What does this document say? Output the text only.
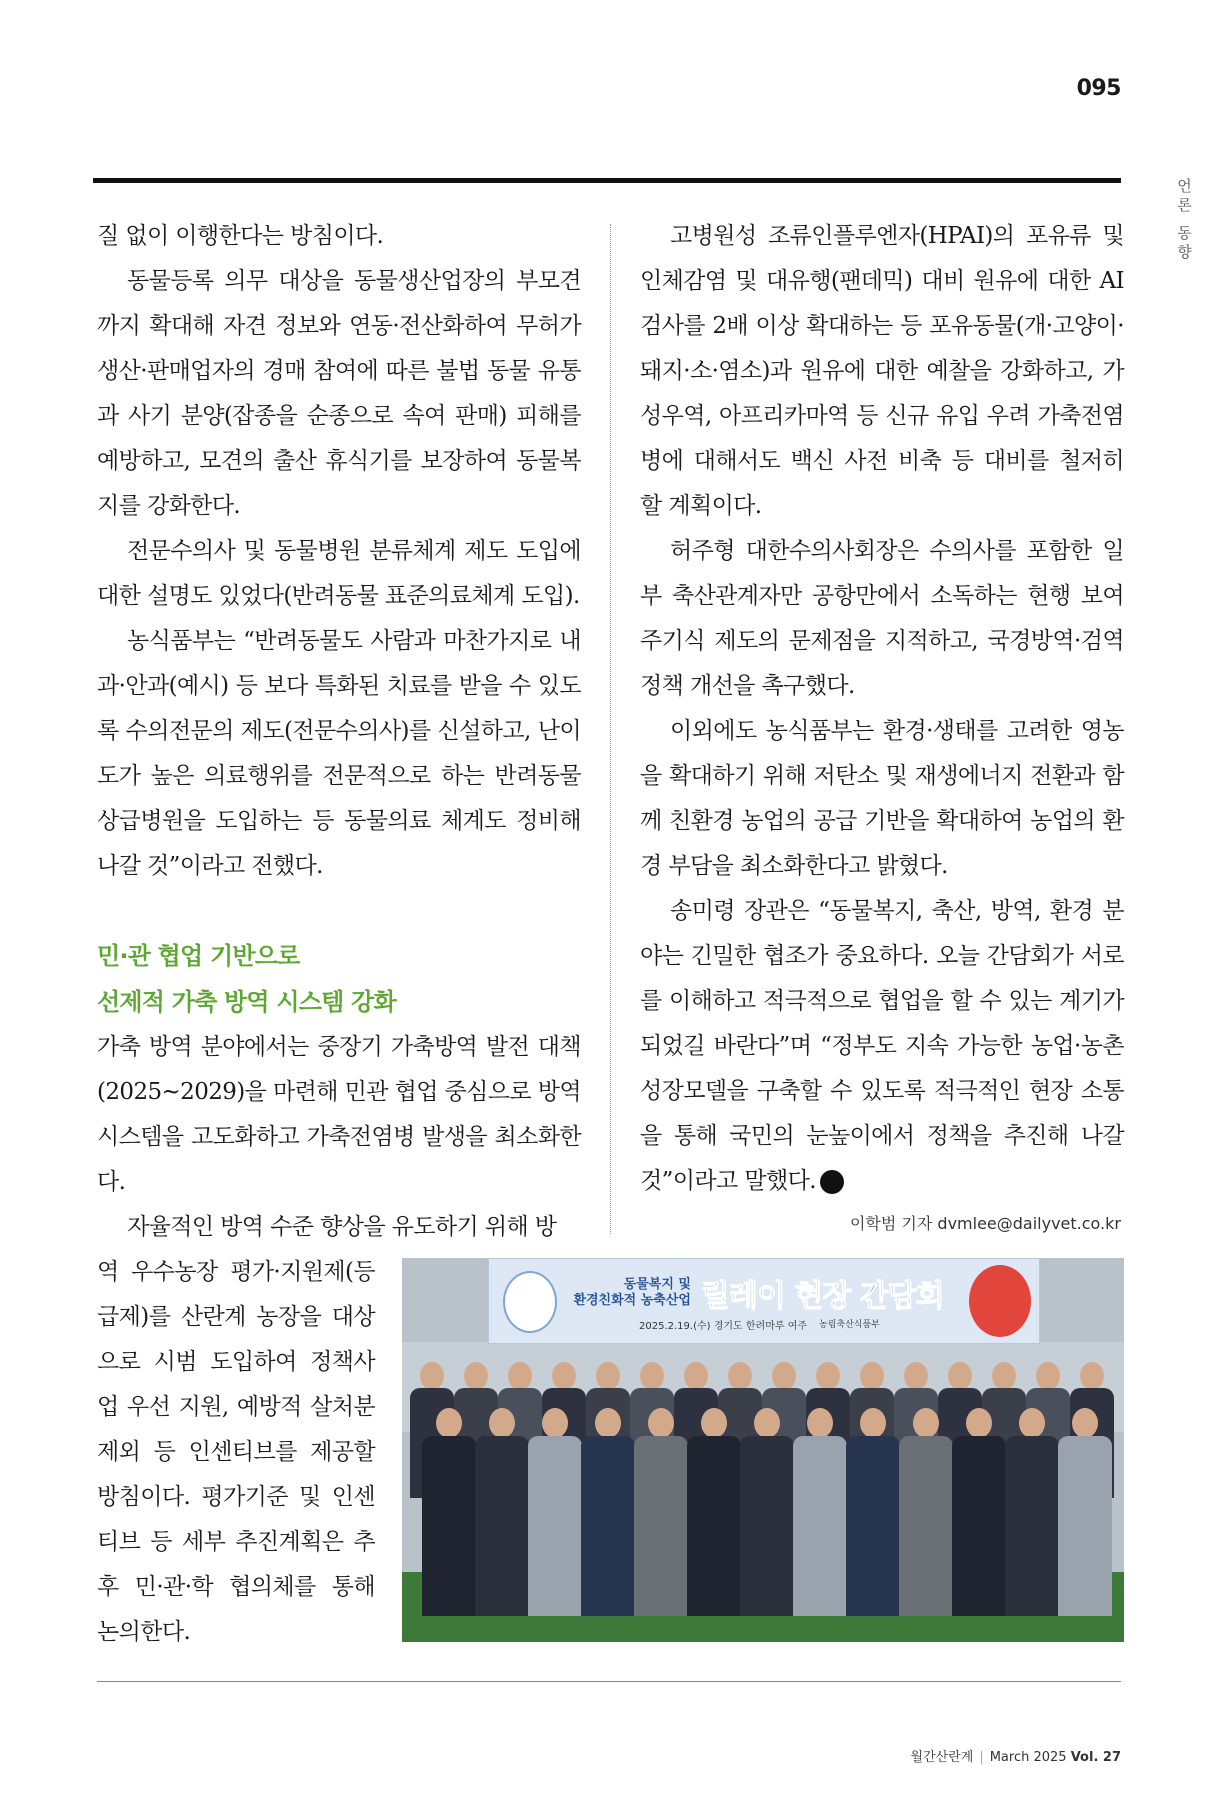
095
언론 동향

질 없이 이행한다는 방침이다.

동물등록 의무 대상을 동물생산업장의 부모견까지 확대해 자견 정보와 연동·전산화하여 무허가 생산·판매업자의 경매 참여에 따른 불법 동물 유통과 사기 분양(잡종을 순종으로 속여 판매) 피해를 예방하고, 모견의 출산 휴식기를 보장하여 동물복지를 강화한다.

전문수의사 및 동물병원 분류체계 제도 도입에 대한 설명도 있었다(반려동물 표준의료체계 도입).

농식품부는 “반려동물도 사람과 마찬가지로 내과·안과(예시) 등 보다 특화된 치료를 받을 수 있도록 수의전문의 제도(전문수의사)를 신설하고, 난이도가 높은 의료행위를 전문적으로 하는 반려동물 상급병원을 도입하는 등 동물의료 체계도 정비해 나갈 것”이라고 전했다.

민·관 협업 기반으로
선제적 가축 방역 시스템 강화

가축 방역 분야에서는 중장기 가축방역 발전 대책(2025~2029)을 마련해 민관 협업 중심으로 방역 시스템을 고도화하고 가축전염병 발생을 최소화한다.

자율적인 방역 수준 향상을 유도하기 위해 방

역 우수농장 평가·지원제(등급제)를 산란계 농장을 대상으로 시범 도입하여 정책사업 우선 지원, 예방적 살처분 제외 등 인센티브를 제공할 방침이다. 평가기준 및 인센티브 등 세부 추진계획은 추후 민·관·학 협의체를 통해 논의한다.

고병원성 조류인플루엔자(HPAI)의 포유류 및 인체감염 및 대유행(팬데믹) 대비 원유에 대한 AI 검사를 2배 이상 확대하는 등 포유동물(개·고양이·돼지·소·염소)과 원유에 대한 예찰을 강화하고, 가성우역, 아프리카마역 등 신규 유입 우려 가축전염병에 대해서도 백신 사전 비축 등 대비를 철저히 할 계획이다.

허주형 대한수의사회장은 수의사를 포함한 일부 축산관계자만 공항만에서 소독하는 현행 보여주기식 제도의 문제점을 지적하고, 국경방역·검역 정책 개선을 촉구했다.

이외에도 농식품부는 환경·생태를 고려한 영농을 확대하기 위해 저탄소 및 재생에너지 전환과 함께 친환경 농업의 공급 기반을 확대하여 농업의 환경 부담을 최소화한다고 밝혔다.

송미령 장관은 “동물복지, 축산, 방역, 환경 분야는 긴밀한 협조가 중요하다. 오늘 간담회가 서로를 이해하고 적극적으로 협업을 할 수 있는 계기가 되었길 바란다”며 “정부도 지속 가능한 농업·농촌 성장모델을 구축할 수 있도록 적극적인 현장 소통을 통해 국민의 눈높이에서 정책을 추진해 나갈 것”이라고 말했다.	산림

이학범 기자 dvmlee@dailyvet.co.kr
동물복지 및
환경친화적 농축산업 릴레이 현장 간담회
2025.2.19.(수) 경기도 한려마루 여주 농림축산식품부
월간산란계 | March 2025 Vol. 27
